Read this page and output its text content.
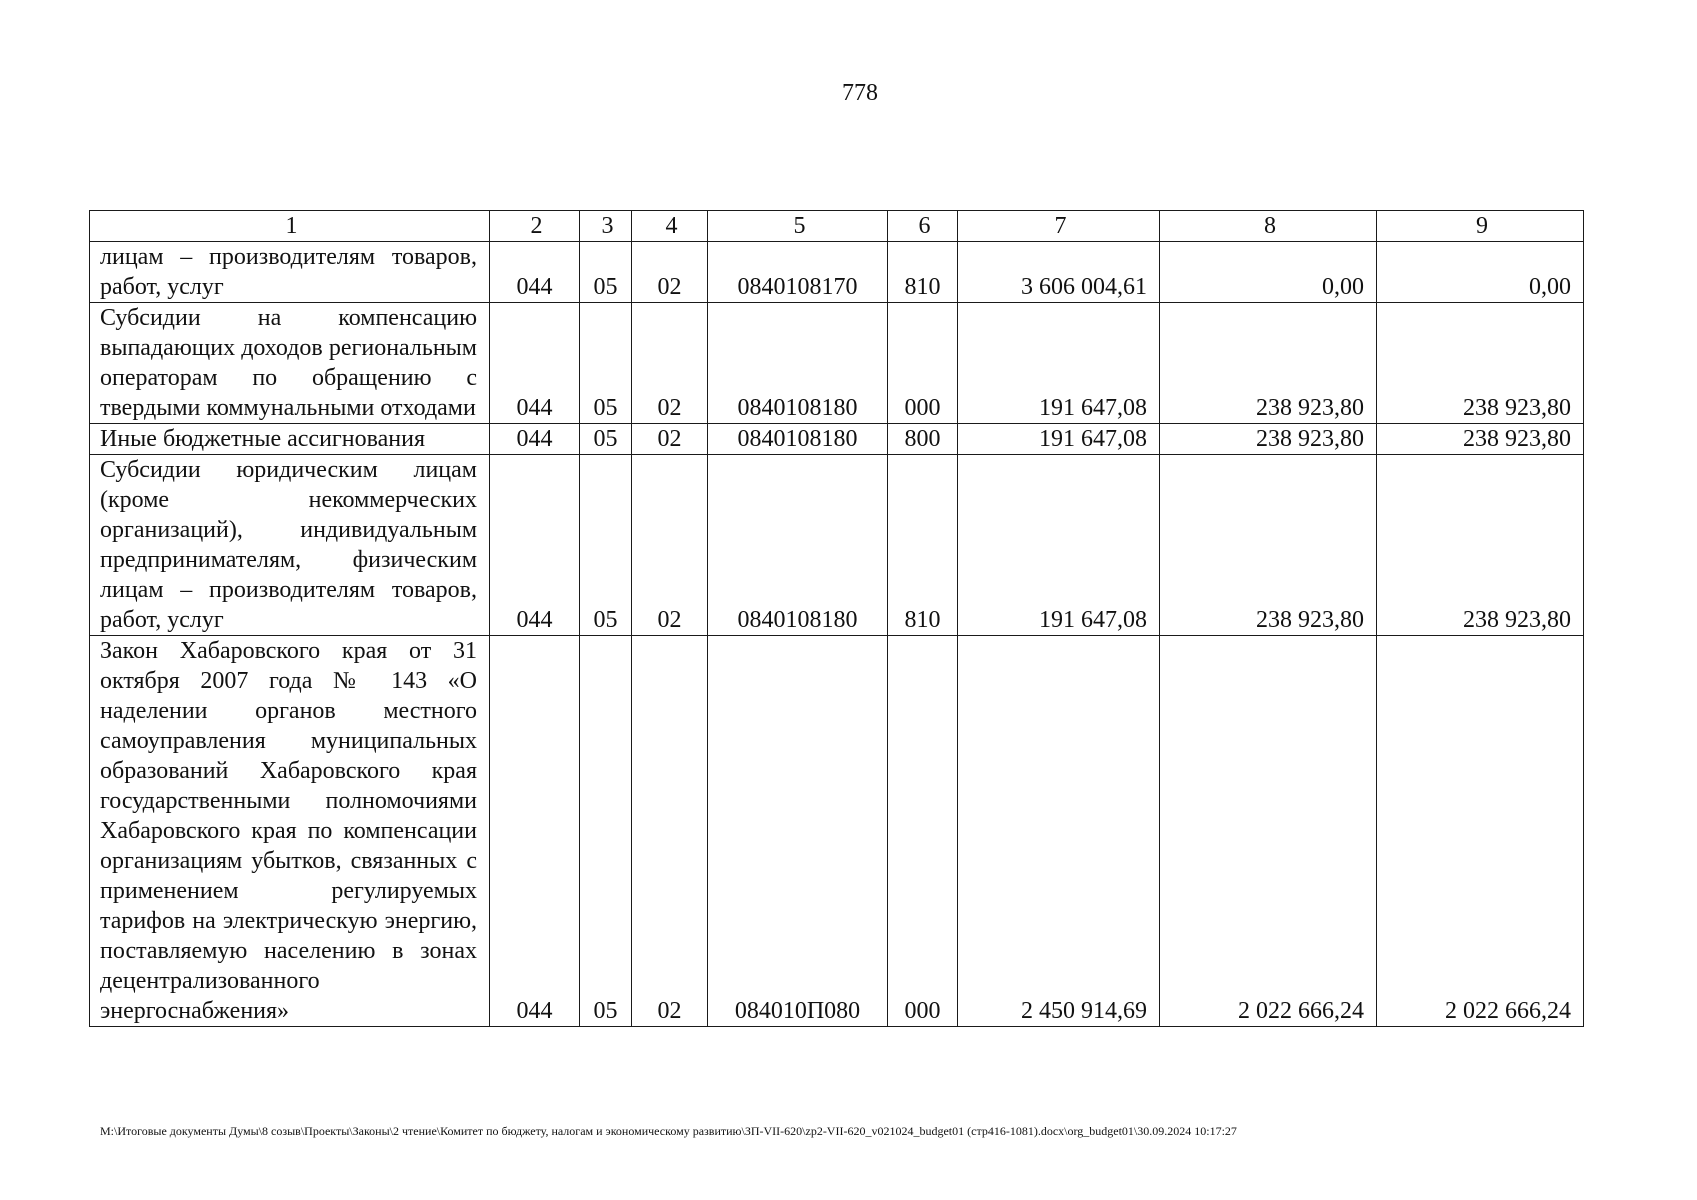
778
1	2	3	4	5	6	7	8	9
лицам – производителям товаров, работ, услуг	044	05	02	0840108170	810	3 606 004,61	0,00	0,00
Субсидии на компенсацию выпадающих доходов региональным операторам по обращению с твердыми коммунальными отходами	044	05	02	0840108180	000	191 647,08	238 923,80	238 923,80
Иные бюджетные ассигнования	044	05	02	0840108180	800	191 647,08	238 923,80	238 923,80
Субсидии юридическим лицам (кроме некоммерческих организаций), индивидуальным предпринимателям, физическим лицам – производителям товаров, работ, услуг	044	05	02	0840108180	810	191 647,08	238 923,80	238 923,80
Закон Хабаровского края от 31 октября 2007 года № 143 «О наделении органов местного самоуправления муниципальных образований Хабаровского края государственными полномочиями Хабаровского края по компенсации организациям убытков, связанных с применением регулируемых тарифов на электрическую энергию, поставляемую населению в зонах децентрализованного энергоснабжения»	044	05	02	084010П080	000	2 450 914,69	2 022 666,24	2 022 666,24
M:\Итоговые документы Думы\8 созыв\Проекты\Законы\2 чтение\Комитет по бюджету, налогам и экономическому развитию\ЗП-VII-620\zp2-VII-620_v021024_budget01 (стр416-1081).docx\org_budget01\30.09.2024 10:17:27
